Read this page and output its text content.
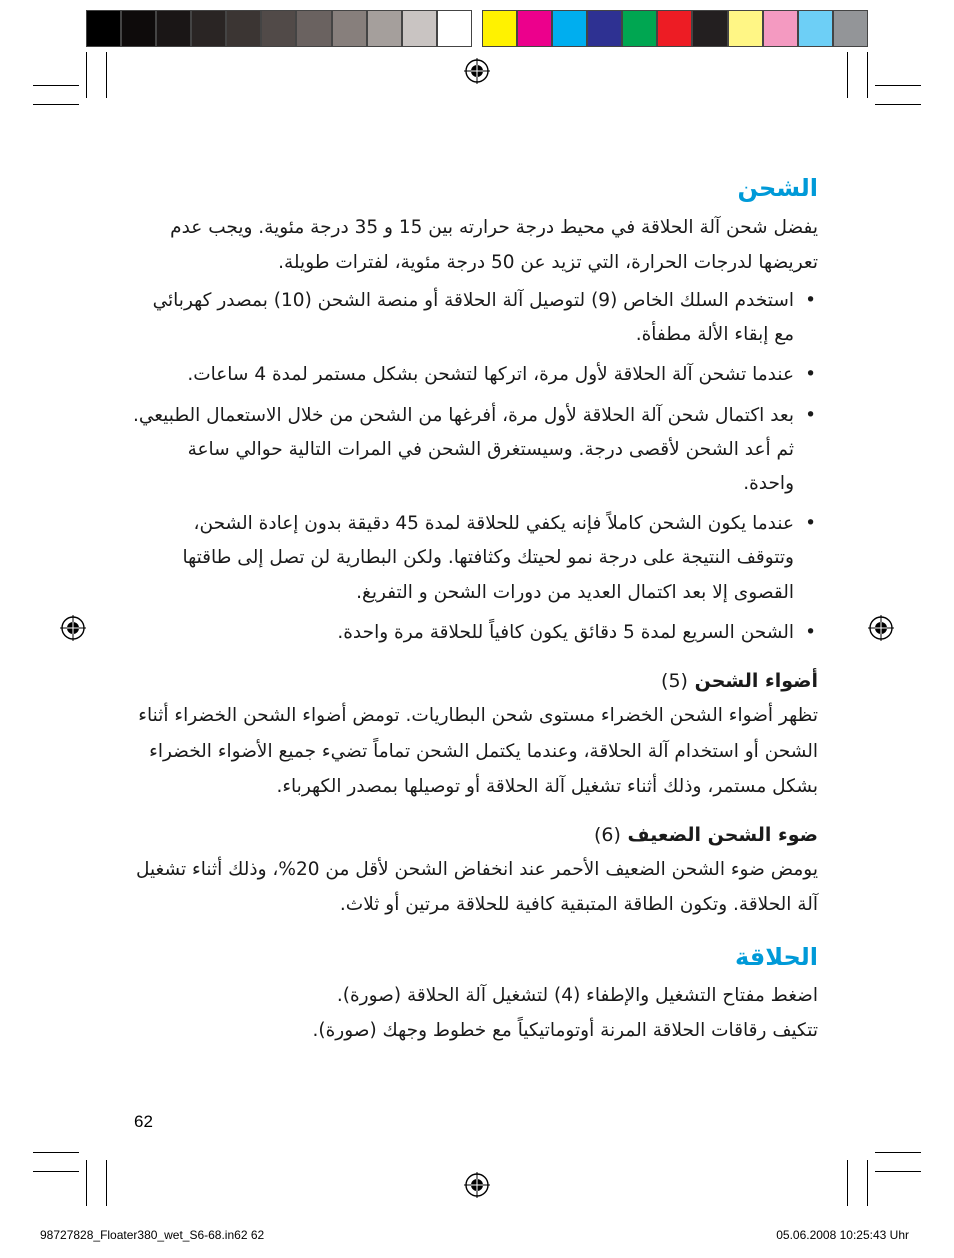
الشحن

يفضل شحن آلة الحلاقة في محيط درجة حرارته بين 15 و 35 درجة مئوية. ويجب عدم تعريضها لدرجات الحرارة، التي تزيد عن 50 درجة مئوية، لفترات طويلة.

•
استخدم السلك الخاص (9) لتوصيل آلة الحلاقة أو منصة الشحن (10) بمصدر كهربائي مع إبقاء الألة مطفأة.
•
عندما تشحن آلة الحلاقة لأول مرة، اتركها لتشحن بشكل مستمر لمدة 4 ساعات.
•
بعد اكتمال شحن آلة الحلاقة لأول مرة، أفرغها من الشحن من خلال الاستعمال الطبيعي. ثم أعد الشحن لأقصى درجة. وسيستغرق الشحن في المرات التالية حوالي ساعة واحدة.
•
عندما يكون الشحن كاملاً فإنه يكفي للحلاقة لمدة 45 دقيقة بدون إعادة الشحن، وتتوقف النتيجة على درجة نمو لحيتك وكثافتها. ولكن البطارية لن تصل إلى طاقتها القصوى إلا بعد اكتمال العديد من دورات الشحن و التفريغ.
•
الشحن السريع لمدة 5 دقائق يكون كافياً للحلاقة مرة واحدة.
أضواء الشحن (5)

تظهر أضواء الشحن الخضراء مستوى شحن البطاريات. تومض أضواء الشحن الخضراء أثناء الشحن أو استخدام آلة الحلاقة، وعندما يكتمل الشحن تماماً تضيء جميع الأضواء الخضراء بشكل مستمر، وذلك أثناء تشغيل آلة الحلاقة أو توصيلها بمصدر الكهرباء.

ضوء الشحن الضعيف (6)

يومض ضوء الشحن الضعيف الأحمر عند انخفاض الشحن لأقل من 20%، وذلك أثناء تشغيل آلة الحلاقة. وتكون الطاقة المتبقية كافية للحلاقة مرتين أو ثلاث.

الحلاقة

اضغط مفتاح التشغيل والإطفاء (4) لتشغيل آلة الحلاقة (صورة).

تتكيف رقاقات الحلاقة المرنة أوتوماتيكياً مع خطوط وجهك (صورة).

62
98727828_Floater380_wet_S6-68.in62 62	05.06.2008 10:25:43 Uhr
